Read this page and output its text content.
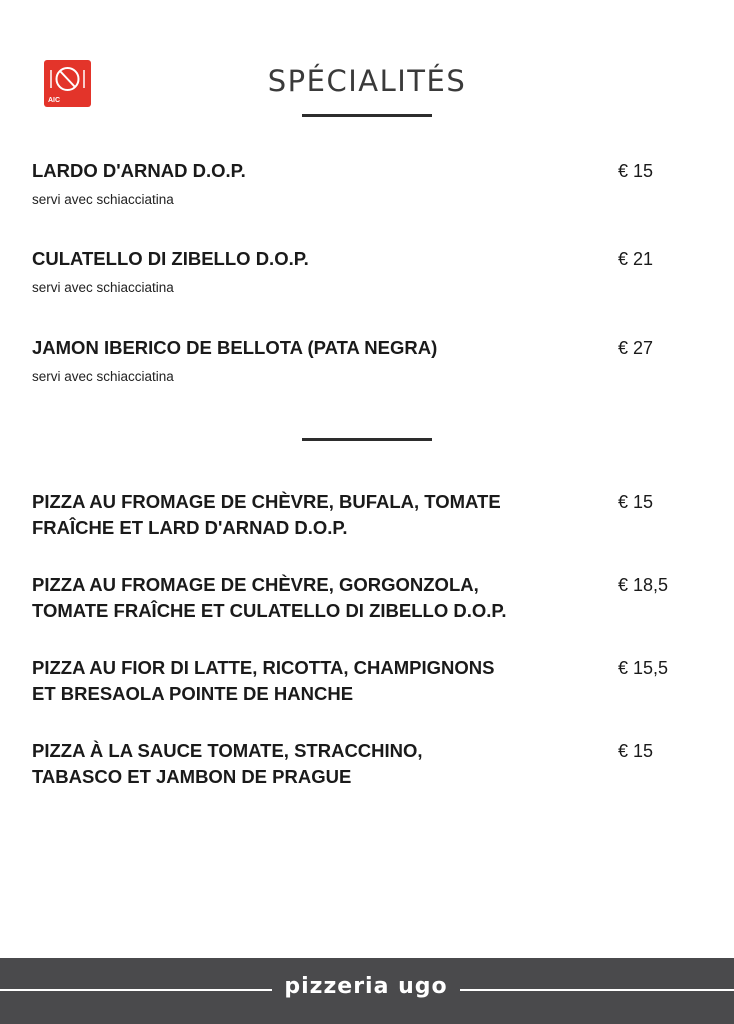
AIC
SPÉCIALITÉS
LARDO D'ARNAD D.O.P.
servi avec schiacciatina
€ 15
CULATELLO DI ZIBELLO D.O.P.
servi avec schiacciatina
€ 21
JAMON IBERICO DE BELLOTA (PATA NEGRA)
servi avec schiacciatina
€ 27
PIZZA AU FROMAGE DE CHÈVRE, BUFALA, TOMATE
FRAÎCHE ET LARD D'ARNAD D.O.P.
€ 15
PIZZA AU FROMAGE DE CHÈVRE, GORGONZOLA,
TOMATE FRAÎCHE ET CULATELLO DI ZIBELLO D.O.P.
€ 18,5
PIZZA AU FIOR DI LATTE, RICOTTA, CHAMPIGNONS
ET BRESAOLA POINTE DE HANCHE
€ 15,5
PIZZA À LA SAUCE TOMATE, STRACCHINO,
TABASCO ET JAMBON DE PRAGUE
€ 15
pizzeria ugo
